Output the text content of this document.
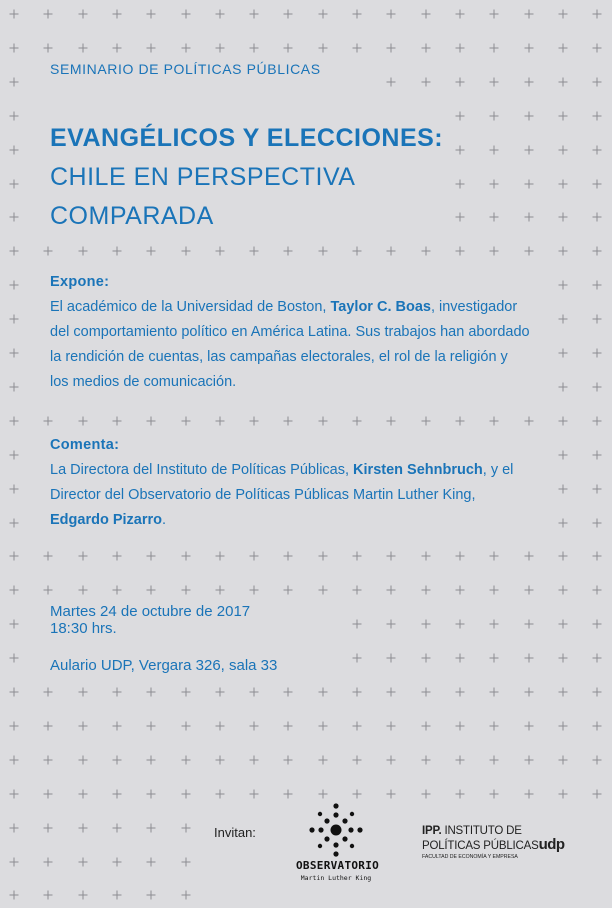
SEMINARIO DE POLÍTICAS PÚBLICAS
EVANGÉLICOS Y ELECCIONES:
CHILE EN PERSPECTIVA
COMPARADA
Expone:

El académico de la Universidad de Boston, Taylor C. Boas, investigador del comportamiento político en América Latina. Sus trabajos han abordado la rendición de cuentas, las campañas electorales, el rol de la religión y los medios de comunicación.

Comenta:

La Directora del Instituto de Políticas Públicas, Kirsten Sehnbruch, y el Director del Observatorio de Políticas Públicas Martin Luther King, Edgardo Pizarro.

Martes 24 de octubre de 2017
18:30 hrs.
Aulario UDP, Vergara 326, sala 33
Invitan:
OBSERVATORIO
Martin Luther King
IPP. INSTITUTO DE
POLÍTICAS PÚBLICASudp
FACULTAD DE ECONOMÍA Y EMPRESA
